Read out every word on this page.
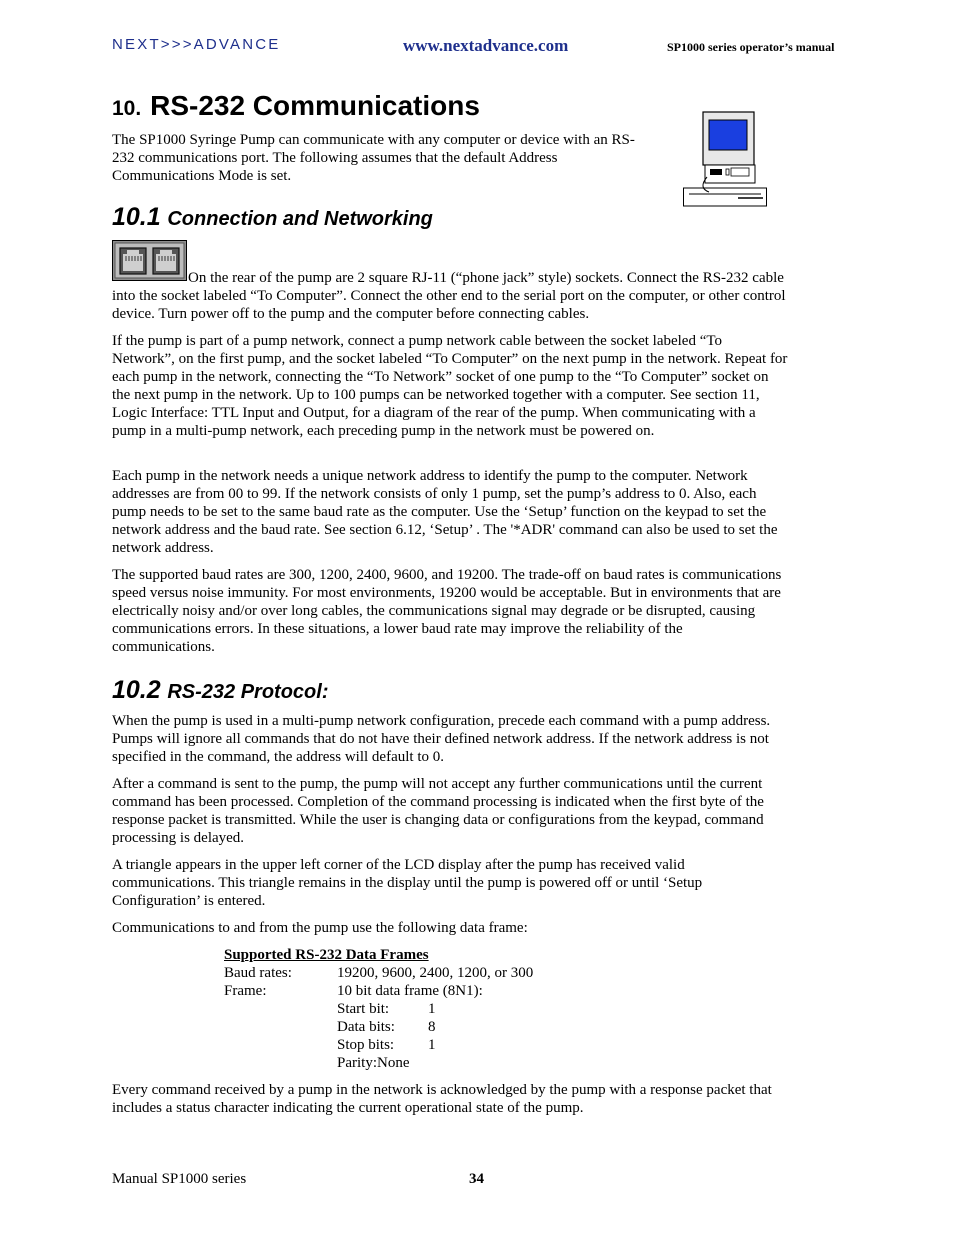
NEXT>>>ADVANCE	www.nextadvance.com	SP1000 series operator’s manual
10. RS-232 Communications

The SP1000 Syringe Pump can communicate with any computer or device with an RS-232 communications port. The following assumes that the default Address Communications Mode is set.

10.1 Connection and Networking

On the rear of the pump are 2 square RJ-11 (“phone jack” style) sockets. Connect the RS-232 cable into the socket labeled “To Computer”. Connect the other end to the serial port on the computer, or other control device. Turn power off to the pump and the computer before connecting cables.

If the pump is part of a pump network, connect a pump network cable between the socket labeled “To Network”, on the first pump, and the socket labeled “To Computer” on the next pump in the network. Repeat for each pump in the network, connecting the “To Network” socket of one pump to the “To Computer” socket on the next pump in the network. Up to 100 pumps can be networked together with a computer. See section 11, Logic Interface: TTL Input and Output, for a diagram of the rear of the pump. When communicating with a pump in a multi-pump network, each preceding pump in the network must be powered on.

Each pump in the network needs a unique network address to identify the pump to the computer. Network addresses are from 00 to 99. If the network consists of only 1 pump, set the pump’s address to 0. Also, each pump needs to be set to the same baud rate as the computer. Use the ‘Setup’ function on the keypad to set the network address and the baud rate. See section 6.12, ‘Setup’ . The '*ADR' command can also be used to set the network address.

The supported baud rates are 300, 1200, 2400, 9600, and 19200. The trade-off on baud rates is communications speed versus noise immunity. For most environments, 19200 would be acceptable. But in environments that are electrically noisy and/or over long cables, the communications signal may degrade or be disrupted, causing communications errors. In these situations, a lower baud rate may improve the reliability of the communications.

10.2 RS-232 Protocol:

When the pump is used in a multi-pump network configuration, precede each command with a pump address. Pumps will ignore all commands that do not have their defined network address. If the network address is not specified in the command, the address will default to 0.

After a command is sent to the pump, the pump will not accept any further communications until the current command has been processed. Completion of the command processing is indicated when the first byte of the response packet is transmitted. While the user is changing data or configurations from the keypad, command processing is delayed.

A triangle appears in the upper left corner of the LCD display after the pump has received valid communications. This triangle remains in the display until the pump is powered off or until ‘Setup Configuration’ is entered.

Communications to and from the pump use the following data frame:

Supported RS-232 Data Frames
Baud rates:	19200, 9600, 2400, 1200, or 300
Frame:	10 bit data frame (8N1):
Start bit:	1
Data bits: 8
Stop bits: 1
Parity:None

Every command received by a pump in the network is acknowledged by the pump with a response packet that includes a status character indicating the current operational state of the pump.

Manual SP1000 series	34
